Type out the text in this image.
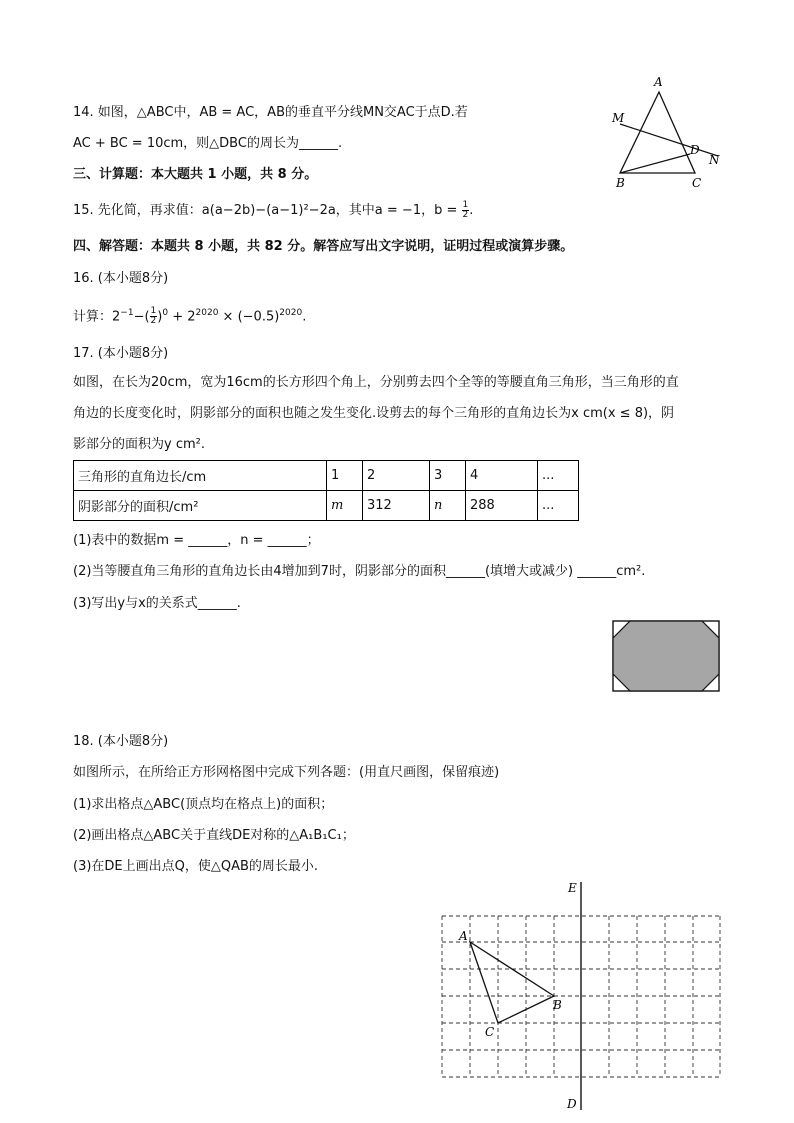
14. 如图，△ABC中，AB = AC，AB的垂直平分线MN交AC于点D.若
AC + BC = 10cm，则△DBC的周长为______.
A
B	C
D
M
N
三、计算题：本大题共 1 小题，共 8 分。
15. 先化简，再求值：a(a−2b)−(a−1)²−2a，其中a = −1，$b = \frac{1}{2}$ .
四、解答题：本题共 8 小题，共 82 分。解答应写出文字说明，证明过程或演算步骤。
16. (本小题8分)
计算：$2^{-1}-( \frac{1}{2} )^0 + 2^{2020} \times (-0.5)^{2020}$.
17. (本小题8分)
如图，在长为20cm，宽为16cm的长方形四个角上，分别剪去四个全等的等腰直角三角形，当三角形的直
角边的长度变化时，阴影部分的面积也随之发生变化.设剪去的每个三角形的直角边长为x cm(x ≤ 8)，阴
影部分的面积为y cm².
三角形的直角边长/cm	1	2	3	4	...
阴影部分的面积/cm²	m	312	n	288	...
(1)表中的数据m = ______，n = ______；
(2)当等腰直角三角形的直角边长由4增加到7时，阴影部分的面积______(填增大或减少) ______cm².
(3)写出y与x的关系式______.
18. (本小题8分)
如图所示，在所给正方形网格图中完成下列各题：(用直尺画图，保留痕迹)
(1)求出格点△ABC(顶点均在格点上)的面积；
(2)画出格点△ABC关于直线DE对称的△A₁B₁C₁；
(3)在DE上画出点Q，使△QAB的周长最小.
E
D
A
B
C
